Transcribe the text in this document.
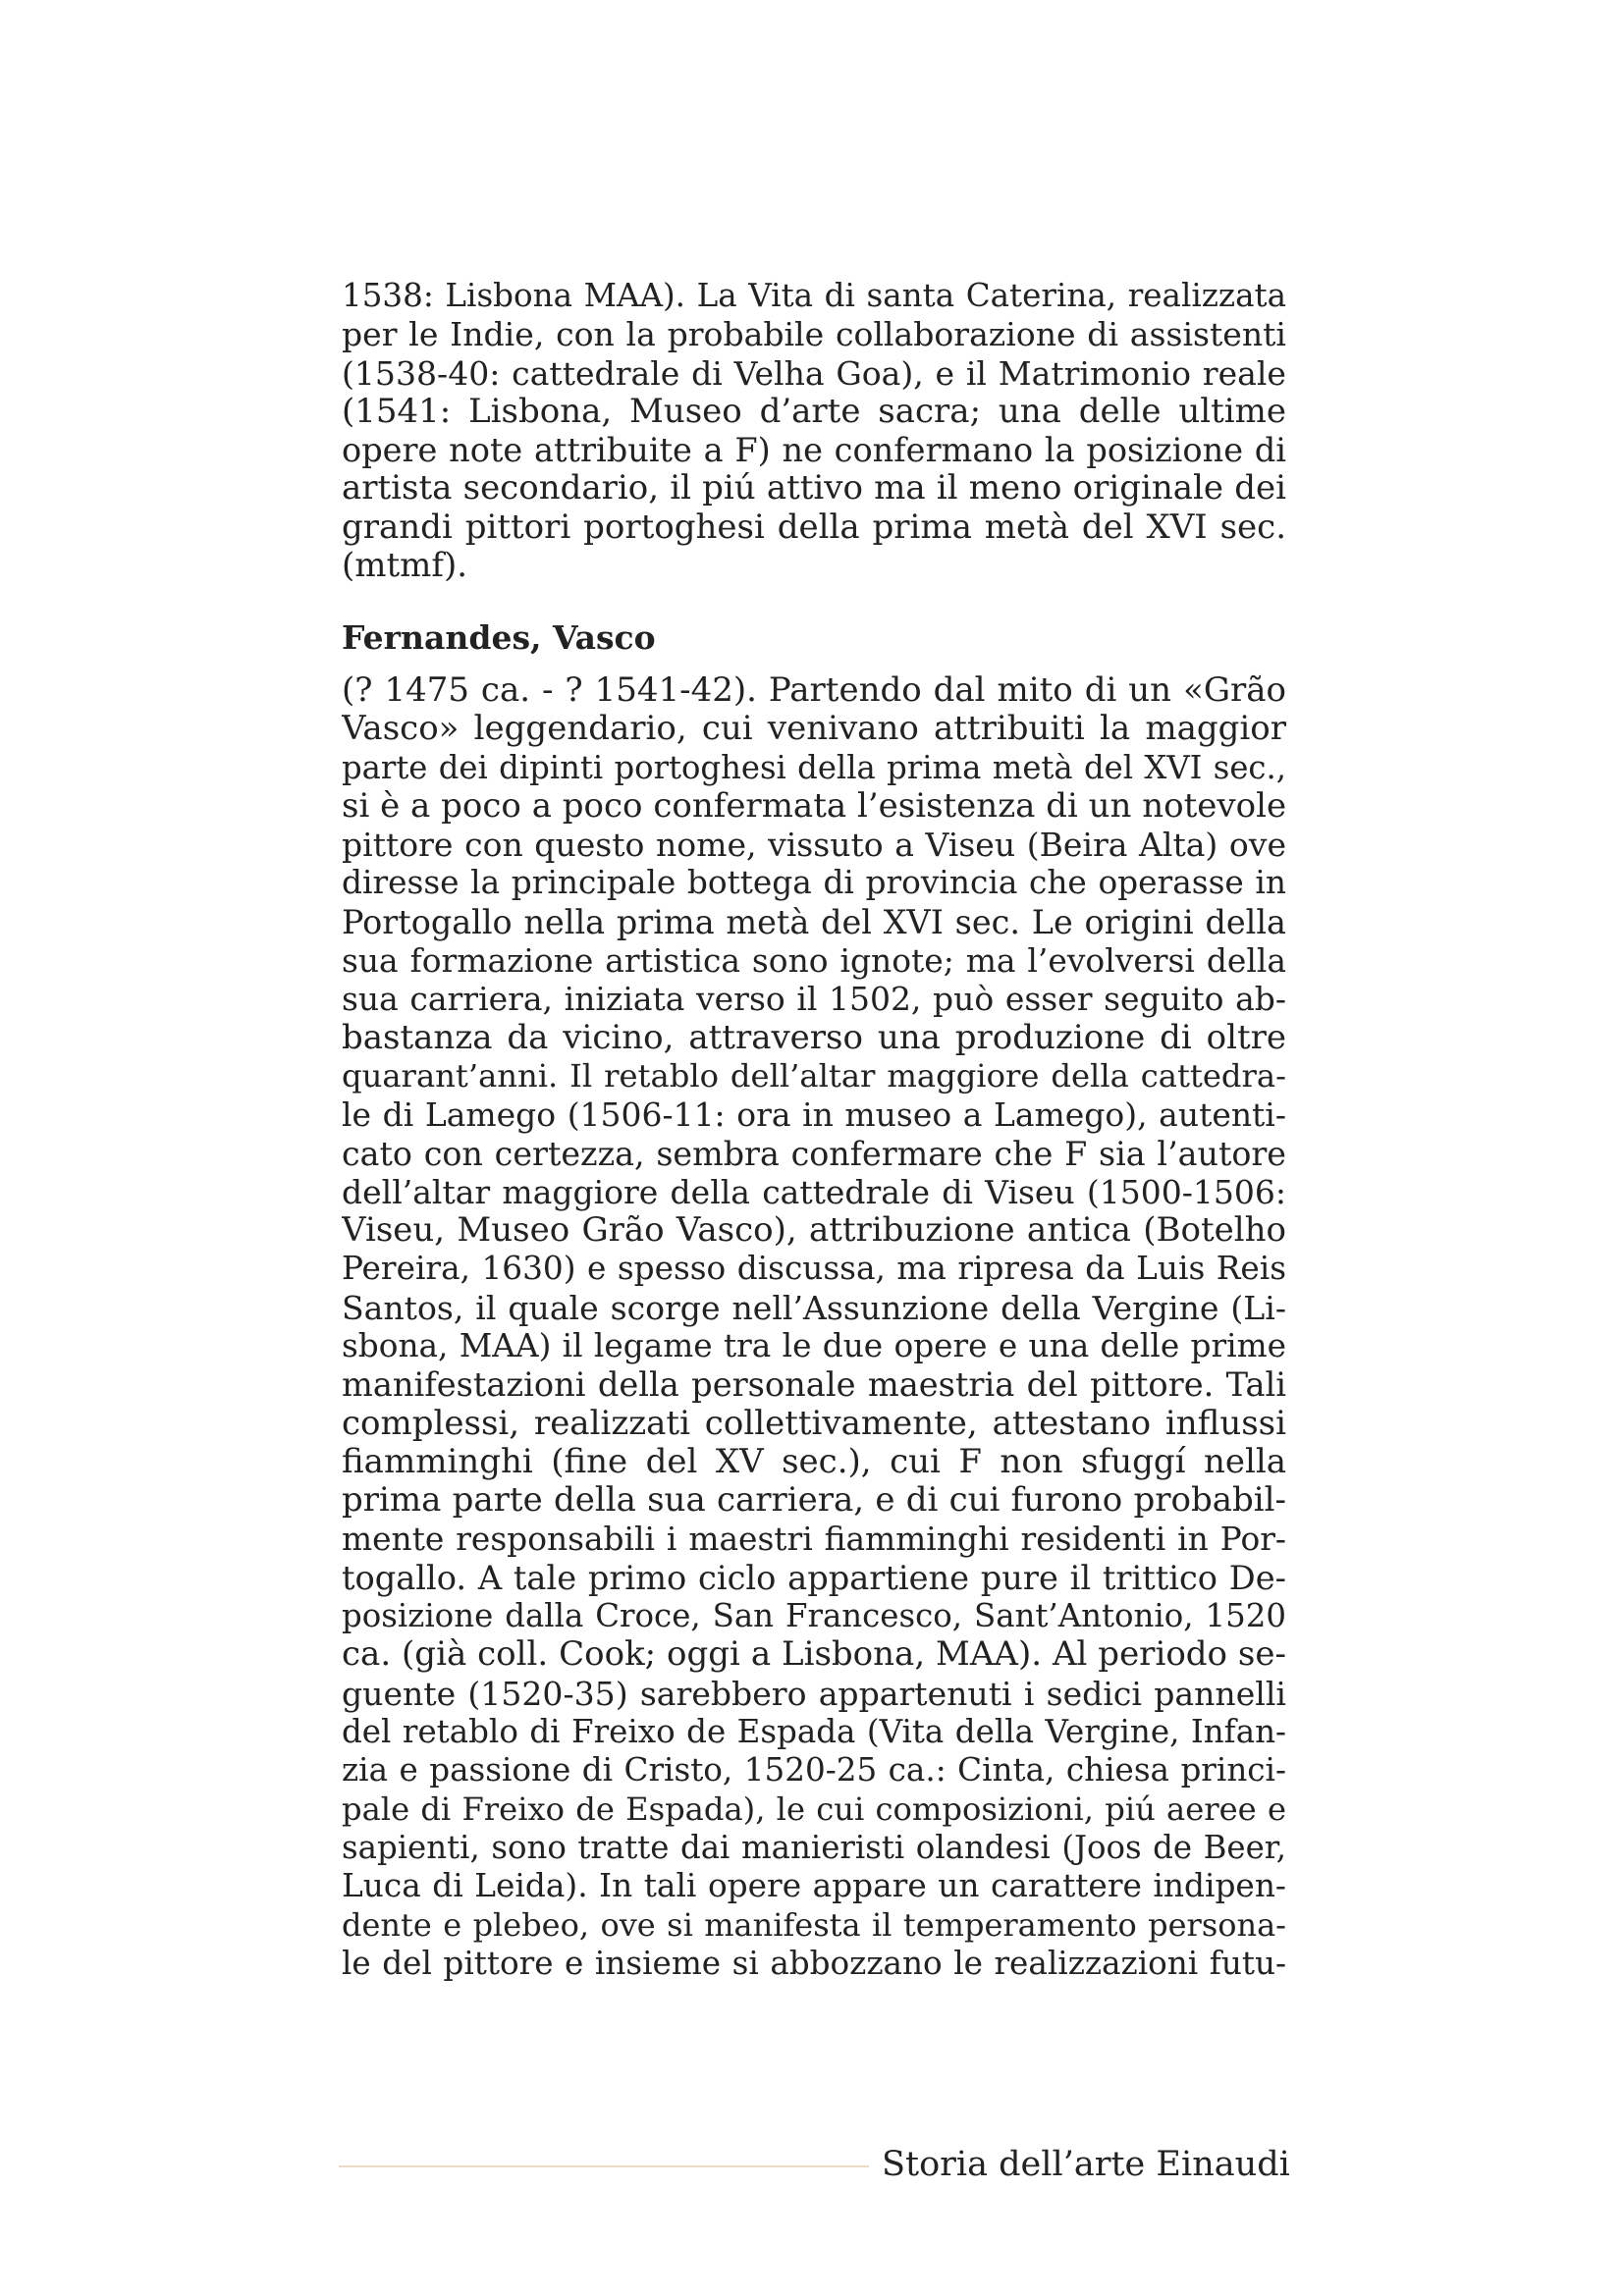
1538: Lisbona MAA). La Vita di santa Caterina, realizzata
per le Indie, con la probabile collaborazione di assistenti
(1538-40: cattedrale di Velha Goa), e il Matrimonio reale
(1541: Lisbona, Museo d’arte sacra; una delle ultime
opere note attribuite a F) ne confermano la posizione di
artista secondario, il piú attivo ma il meno originale dei
grandi pittori portoghesi della prima metà del XVI sec.
(mtmf).
Fernandes, Vasco
(? 1475 ca. - ? 1541-42). Partendo dal mito di un «Grão
Vasco» leggendario, cui venivano attribuiti la maggior
parte dei dipinti portoghesi della prima metà del XVI sec.,
si è a poco a poco confermata l’esistenza di un notevole
pittore con questo nome, vissuto a Viseu (Beira Alta) ove
diresse la principale bottega di provincia che operasse in
Portogallo nella prima metà del XVI sec. Le origini della
sua formazione artistica sono ignote; ma l’evolversi della
sua carriera, iniziata verso il 1502, può esser seguito ab-
bastanza da vicino, attraverso una produzione di oltre
quarant’anni. Il retablo dell’altar maggiore della cattedra-
le di Lamego (1506-11: ora in museo a Lamego), autenti-
cato con certezza, sembra confermare che F sia l’autore
dell’altar maggiore della cattedrale di Viseu (1500-1506:
Viseu, Museo Grão Vasco), attribuzione antica (Botelho
Pereira, 1630) e spesso discussa, ma ripresa da Luis Reis
Santos, il quale scorge nell’Assunzione della Vergine (Li-
sbona, MAA) il legame tra le due opere e una delle prime
manifestazioni della personale maestria del pittore. Tali
complessi, realizzati collettivamente, attestano influssi
fiamminghi (fine del XV sec.), cui F non sfuggí nella
prima parte della sua carriera, e di cui furono probabil-
mente responsabili i maestri fiamminghi residenti in Por-
togallo. A tale primo ciclo appartiene pure il trittico De-
posizione dalla Croce, San Francesco, Sant’Antonio, 1520
ca. (già coll. Cook; oggi a Lisbona, MAA). Al periodo se-
guente (1520-35) sarebbero appartenuti i sedici pannelli
del retablo di Freixo de Espada (Vita della Vergine, Infan-
zia e passione di Cristo, 1520-25 ca.: Cinta, chiesa princi-
pale di Freixo de Espada), le cui composizioni, piú aeree e
sapienti, sono tratte dai manieristi olandesi (Joos de Beer,
Luca di Leida). In tali opere appare un carattere indipen-
dente e plebeo, ove si manifesta il temperamento persona-
le del pittore e insieme si abbozzano le realizzazioni futu-
Storia dell’arte Einaudi
